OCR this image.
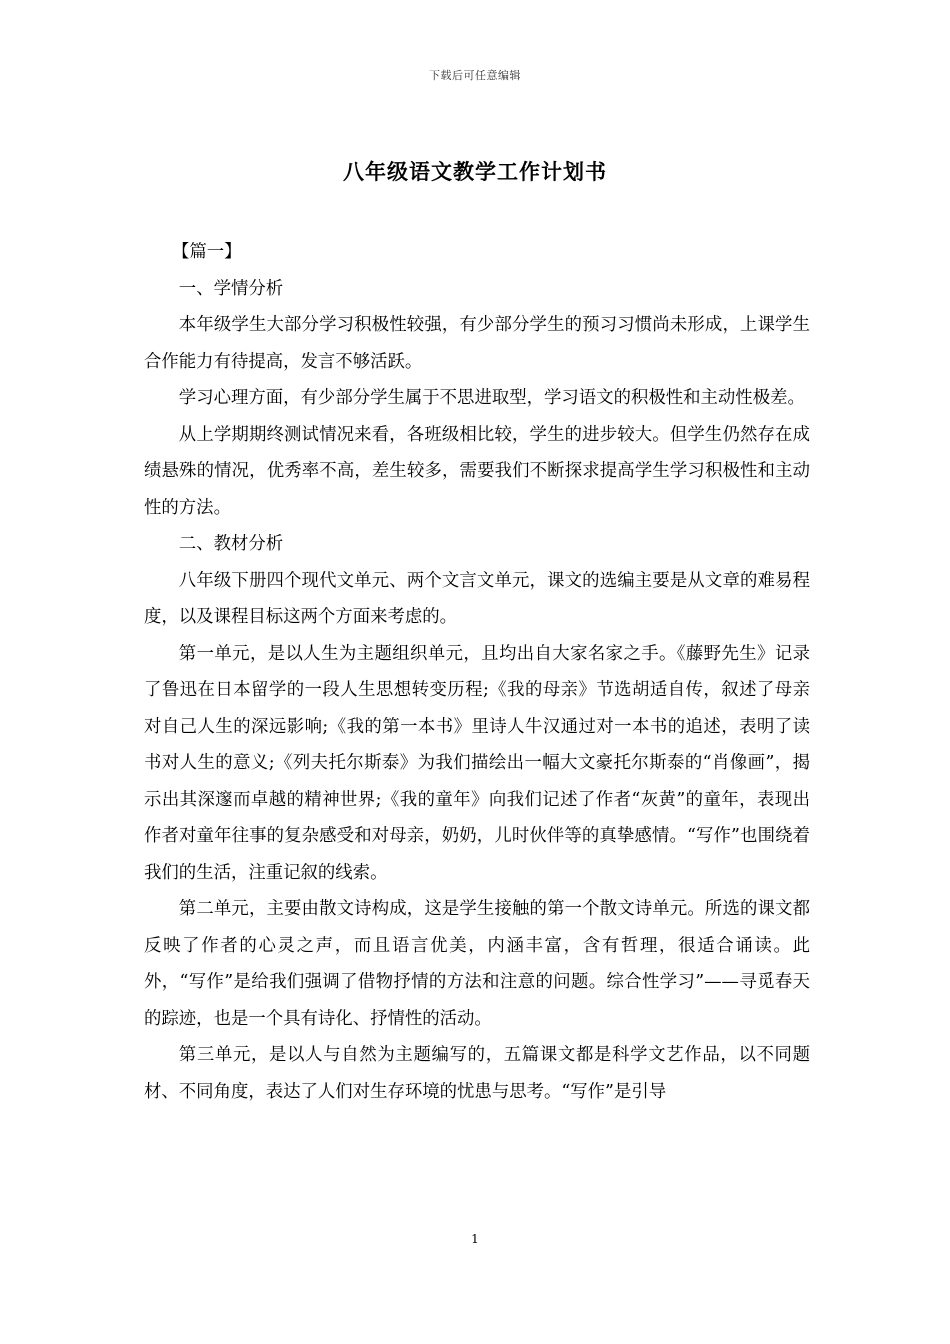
下载后可任意编辑
八年级语文教学工作计划书

【篇一】

一、学情分析

本年级学生大部分学习积极性较强，有少部分学生的预习习惯尚未形成，上课学生合作能力有待提高，发言不够活跃。

学习心理方面，有少部分学生属于不思进取型，学习语文的积极性和主动性极差。

从上学期期终测试情况来看，各班级相比较，学生的进步较大。但学生仍然存在成绩悬殊的情况，优秀率不高，差生较多，需要我们不断探求提高学生学习积极性和主动性的方法。

二、教材分析

八年级下册四个现代文单元、两个文言文单元，课文的选编主要是从文章的难易程度，以及课程目标这两个方面来考虑的。

第一单元，是以人生为主题组织单元，且均出自大家名家之手。《藤野先生》记录了鲁迅在日本留学的一段人生思想转变历程;《我的母亲》节选胡适自传，叙述了母亲对自己人生的深远影响;《我的第一本书》里诗人牛汉通过对一本书的追述，表明了读书对人生的意义;《列夫托尔斯泰》为我们描绘出一幅大文豪托尔斯泰的“肖像画”，揭示出其深邃而卓越的精神世界;《我的童年》向我们记述了作者“灰黄”的童年，表现出作者对童年往事的复杂感受和对母亲，奶奶，儿时伙伴等的真挚感情。“写作”也围绕着我们的生活，注重记叙的线索。

第二单元，主要由散文诗构成，这是学生接触的第一个散文诗单元。所选的课文都反映了作者的心灵之声，而且语言优美，内涵丰富，含有哲理，很适合诵读。此外，“写作”是给我们强调了借物抒情的方法和注意的问题。综合性学习”——寻觅春天的踪迹，也是一个具有诗化、抒情性的活动。

第三单元，是以人与自然为主题编写的，五篇课文都是科学文艺作品，以不同题材、不同角度，表达了人们对生存环境的忧患与思考。“写作”是引导

1
